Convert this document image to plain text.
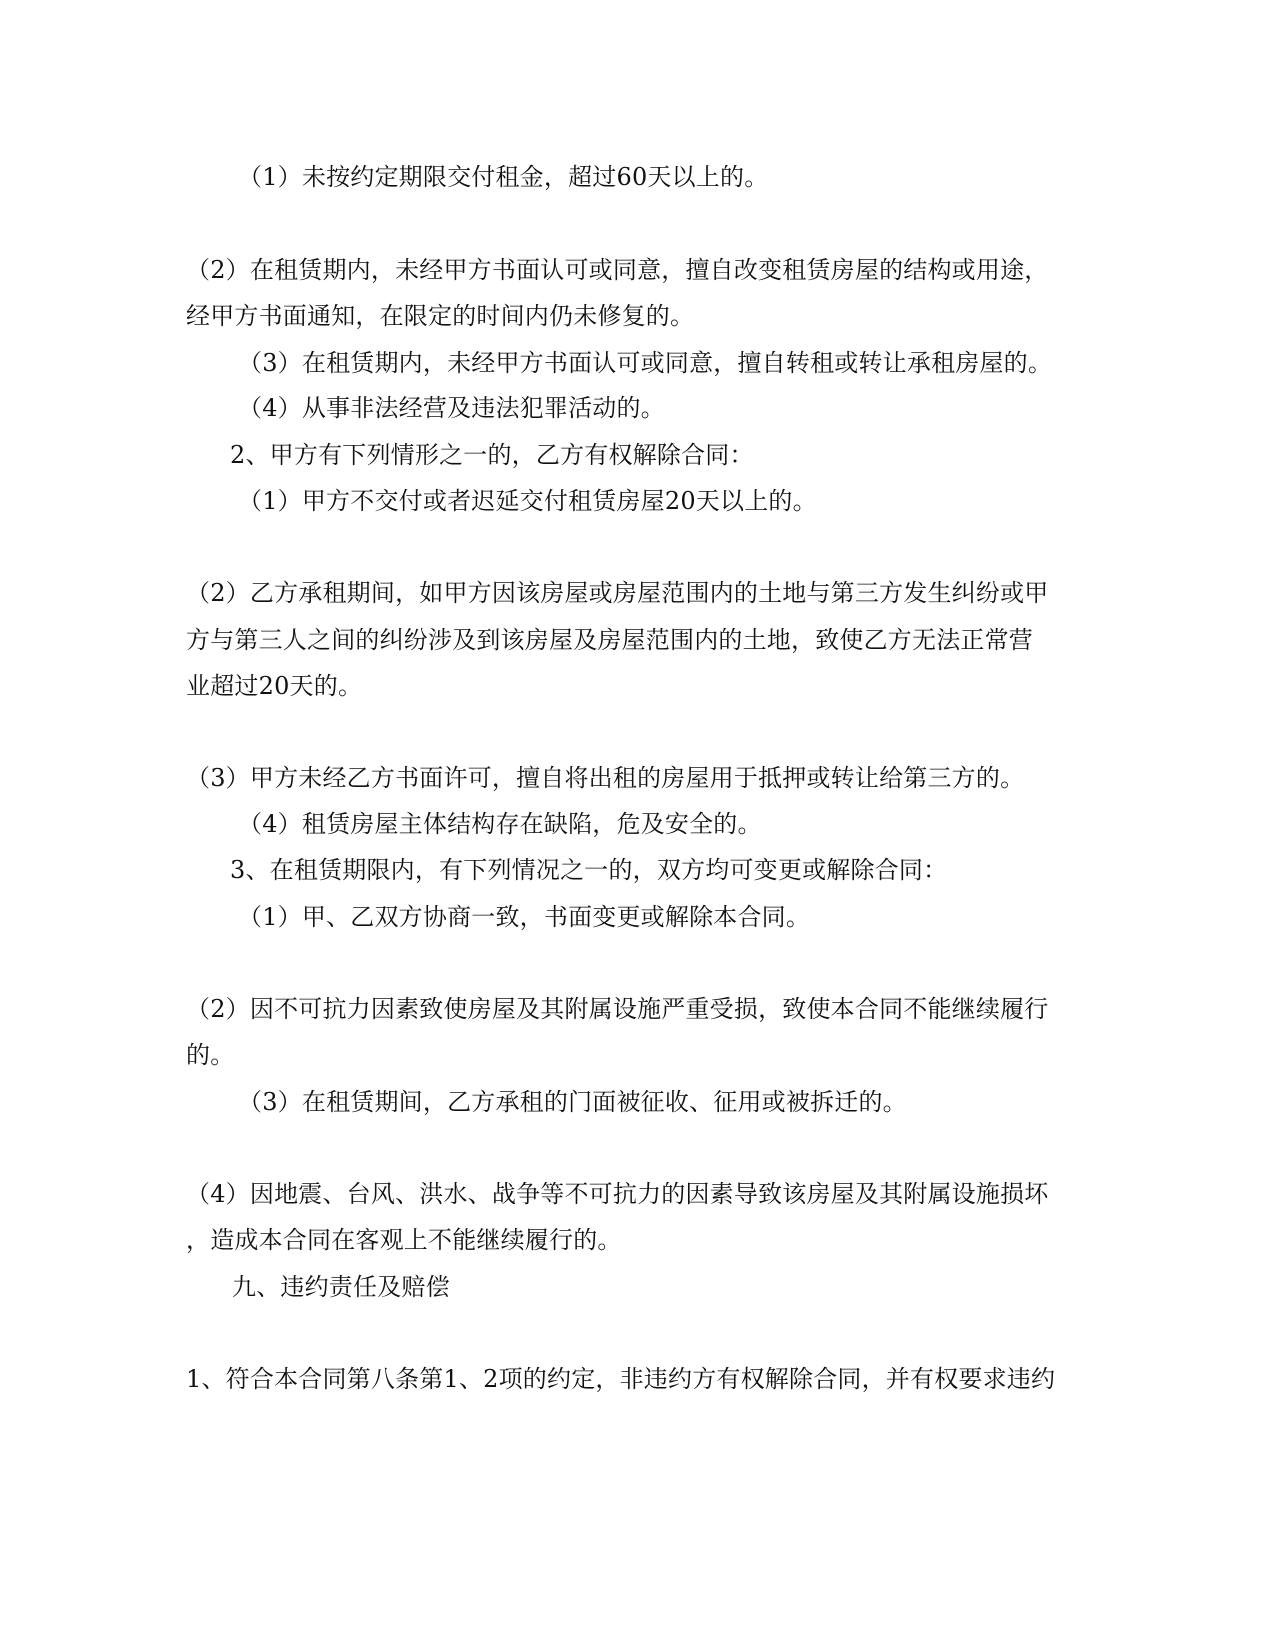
（1）未按约定期限交付租金，超过60天以上的。
（2）在租赁期内，未经甲方书面认可或同意，擅自改变租赁房屋的结构或用途，
经甲方书面通知，在限定的时间内仍未修复的。
（3）在租赁期内，未经甲方书面认可或同意，擅自转租或转让承租房屋的。
（4）从事非法经营及违法犯罪活动的。
2、甲方有下列情形之一的，乙方有权解除合同：
（1）甲方不交付或者迟延交付租赁房屋20天以上的。
（2）乙方承租期间，如甲方因该房屋或房屋范围内的土地与第三方发生纠纷或甲
方与第三人之间的纠纷涉及到该房屋及房屋范围内的土地，致使乙方无法正常营
业超过20天的。
（3）甲方未经乙方书面许可，擅自将出租的房屋用于抵押或转让给第三方的。
（4）租赁房屋主体结构存在缺陷，危及安全的。
3、在租赁期限内，有下列情况之一的，双方均可变更或解除合同：
（1）甲、乙双方协商一致，书面变更或解除本合同。
（2）因不可抗力因素致使房屋及其附属设施严重受损，致使本合同不能继续履行
的。
（3）在租赁期间，乙方承租的门面被征收、征用或被拆迁的。
（4）因地震、台风、洪水、战争等不可抗力的因素导致该房屋及其附属设施损坏
，造成本合同在客观上不能继续履行的。
九、违约责任及赔偿
1、符合本合同第八条第1、2项的约定，非违约方有权解除合同，并有权要求违约
